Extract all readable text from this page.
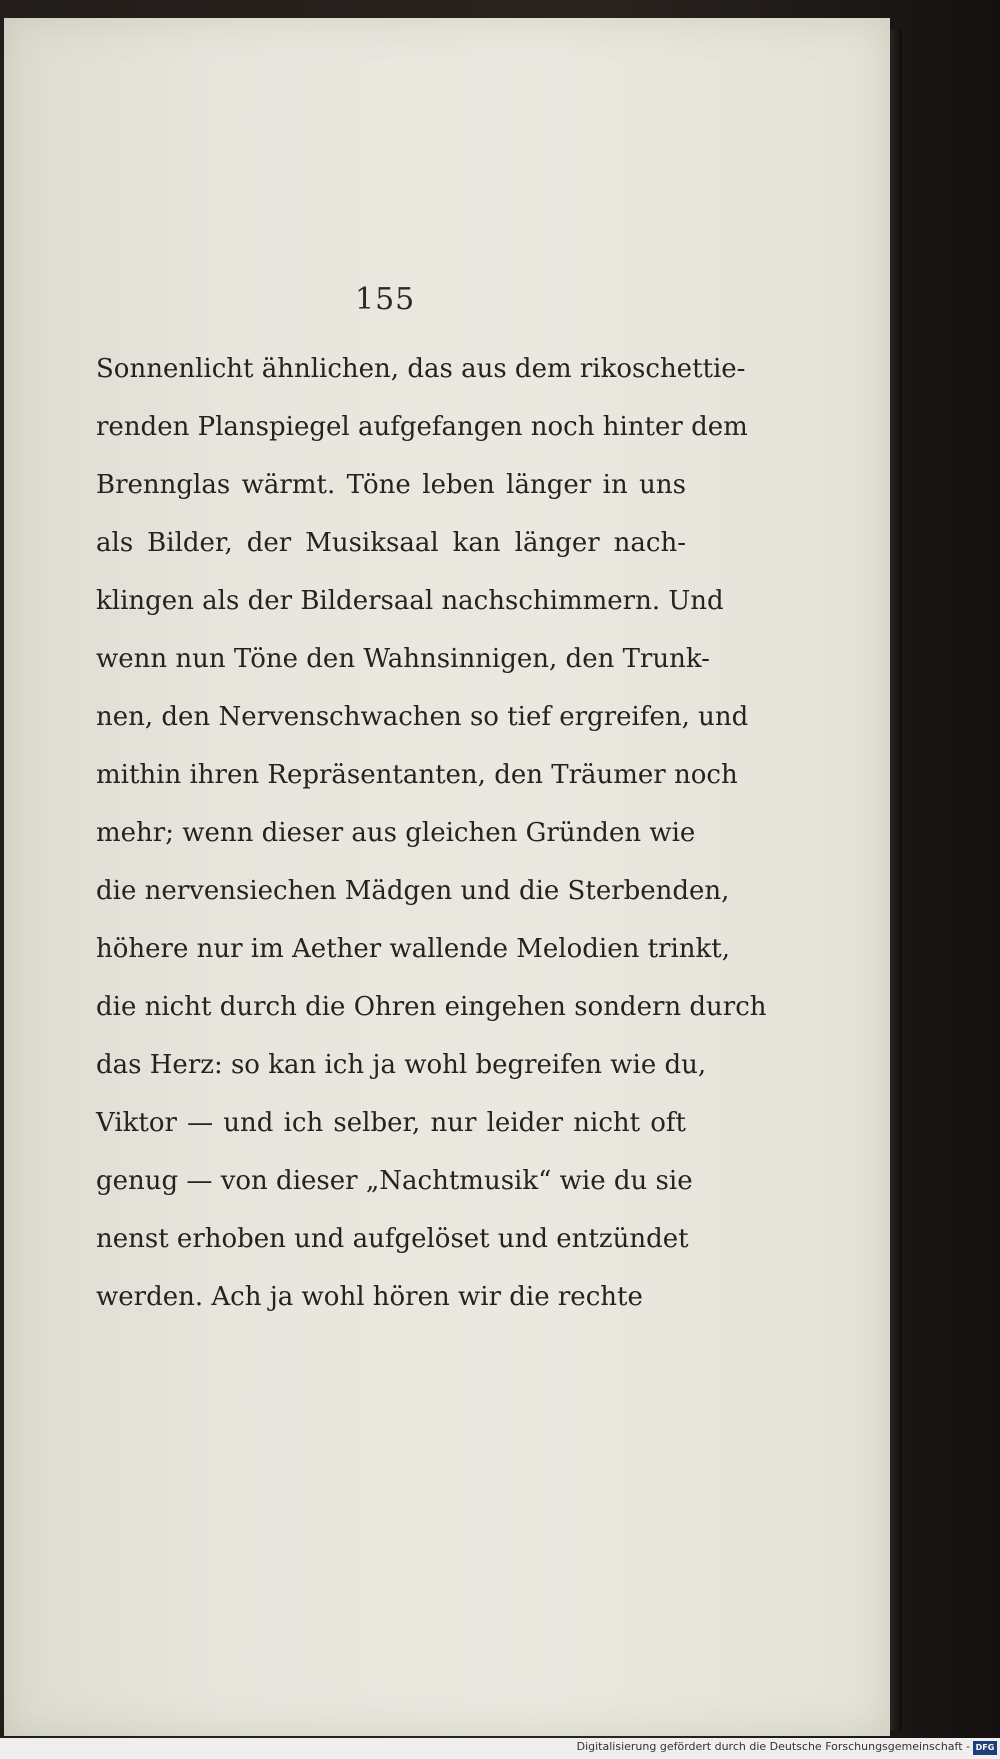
155
Sonnenlicht ähnlichen, das aus dem rikoschettie-
renden Planspiegel aufgefangen noch hinter dem
Brennglas wärmt. Töne leben länger in uns
als Bilder, der Musiksaal kan länger nach-
klingen als der Bildersaal nachschimmern. Und
wenn nun Töne den Wahnsinnigen, den Trunk-
nen, den Nervenschwachen so tief ergreifen, und
mithin ihren Repräsentanten, den Träumer noch
mehr; wenn dieser aus gleichen Gründen wie
die nervensiechen Mädgen und die Sterbenden,
höhere nur im Aether wallende Melodien trinkt,
die nicht durch die Ohren eingehen sondern durch
das Herz: so kan ich ja wohl begreifen wie du,
Viktor — und ich selber, nur leider nicht oft
genug — von dieser „Nachtmusik“ wie du sie
nenst erhoben und aufgelöset und entzündet
werden. Ach ja wohl hören wir die rechte
Digitalisierung gefördert durch die Deutsche Forschungsgemeinschaft - DFG
